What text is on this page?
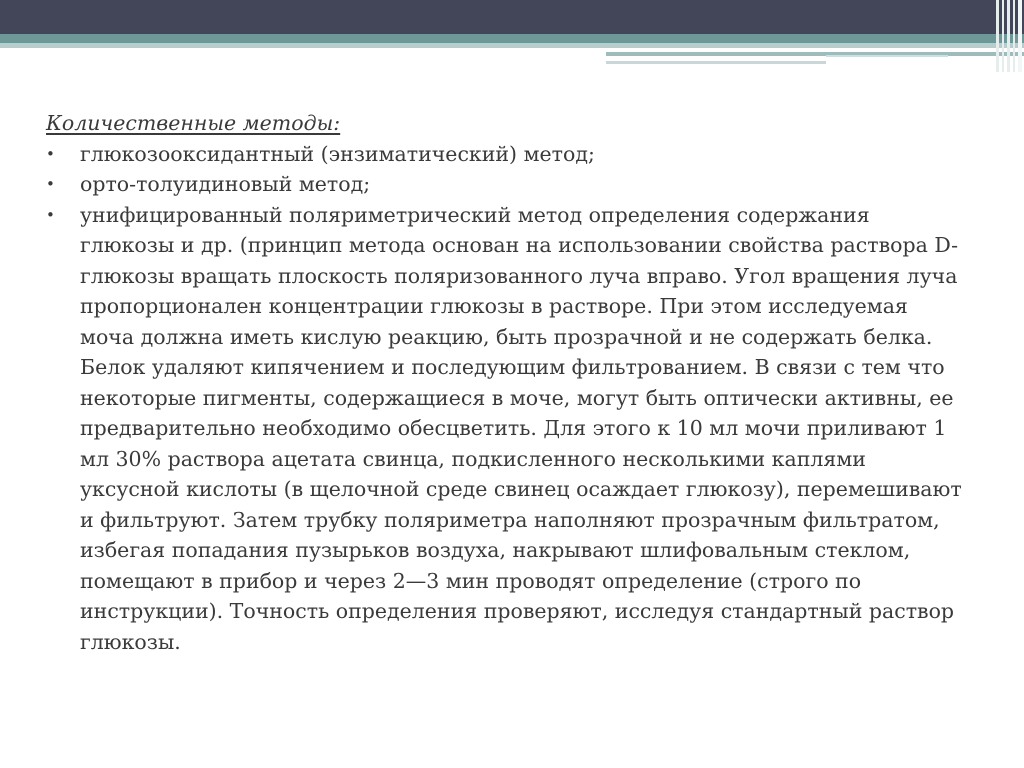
Количественные методы:

• глюкозооксидантный (энзиматический) метод;
• орто-толуидиновый метод;
• унифицированный поляриметрический метод определения содержания глюкозы и др. (принцип метода основан на использовании свойства раствора D-глюкозы вращать плоскость поляризованного луча вправо. Угол вращения луча пропорционален концентрации глюкозы в растворе. При этом исследуемая моча должна иметь кислую реакцию, быть прозрачной и не содержать белка. Белок удаляют кипячением и последующим фильтрованием. В связи с тем что некоторые пигменты, содержащиеся в моче, могут быть оптически активны, ее предварительно необходимо обесцветить. Для этого к 10 мл мочи приливают 1 мл 30% раствора ацетата свинца, подкисленного несколькими каплями уксусной кислоты (в щелочной среде свинец осаждает глюкозу), перемешивают и фильтруют. Затем трубку поляриметра наполняют прозрачным фильтратом, избегая попадания пузырьков воздуха, накрывают шлифовальным стеклом, помещают в прибор и через 2—3 мин проводят определение (строго по инструкции). Точность определения проверяют, исследуя стандартный раствор глюкозы.
